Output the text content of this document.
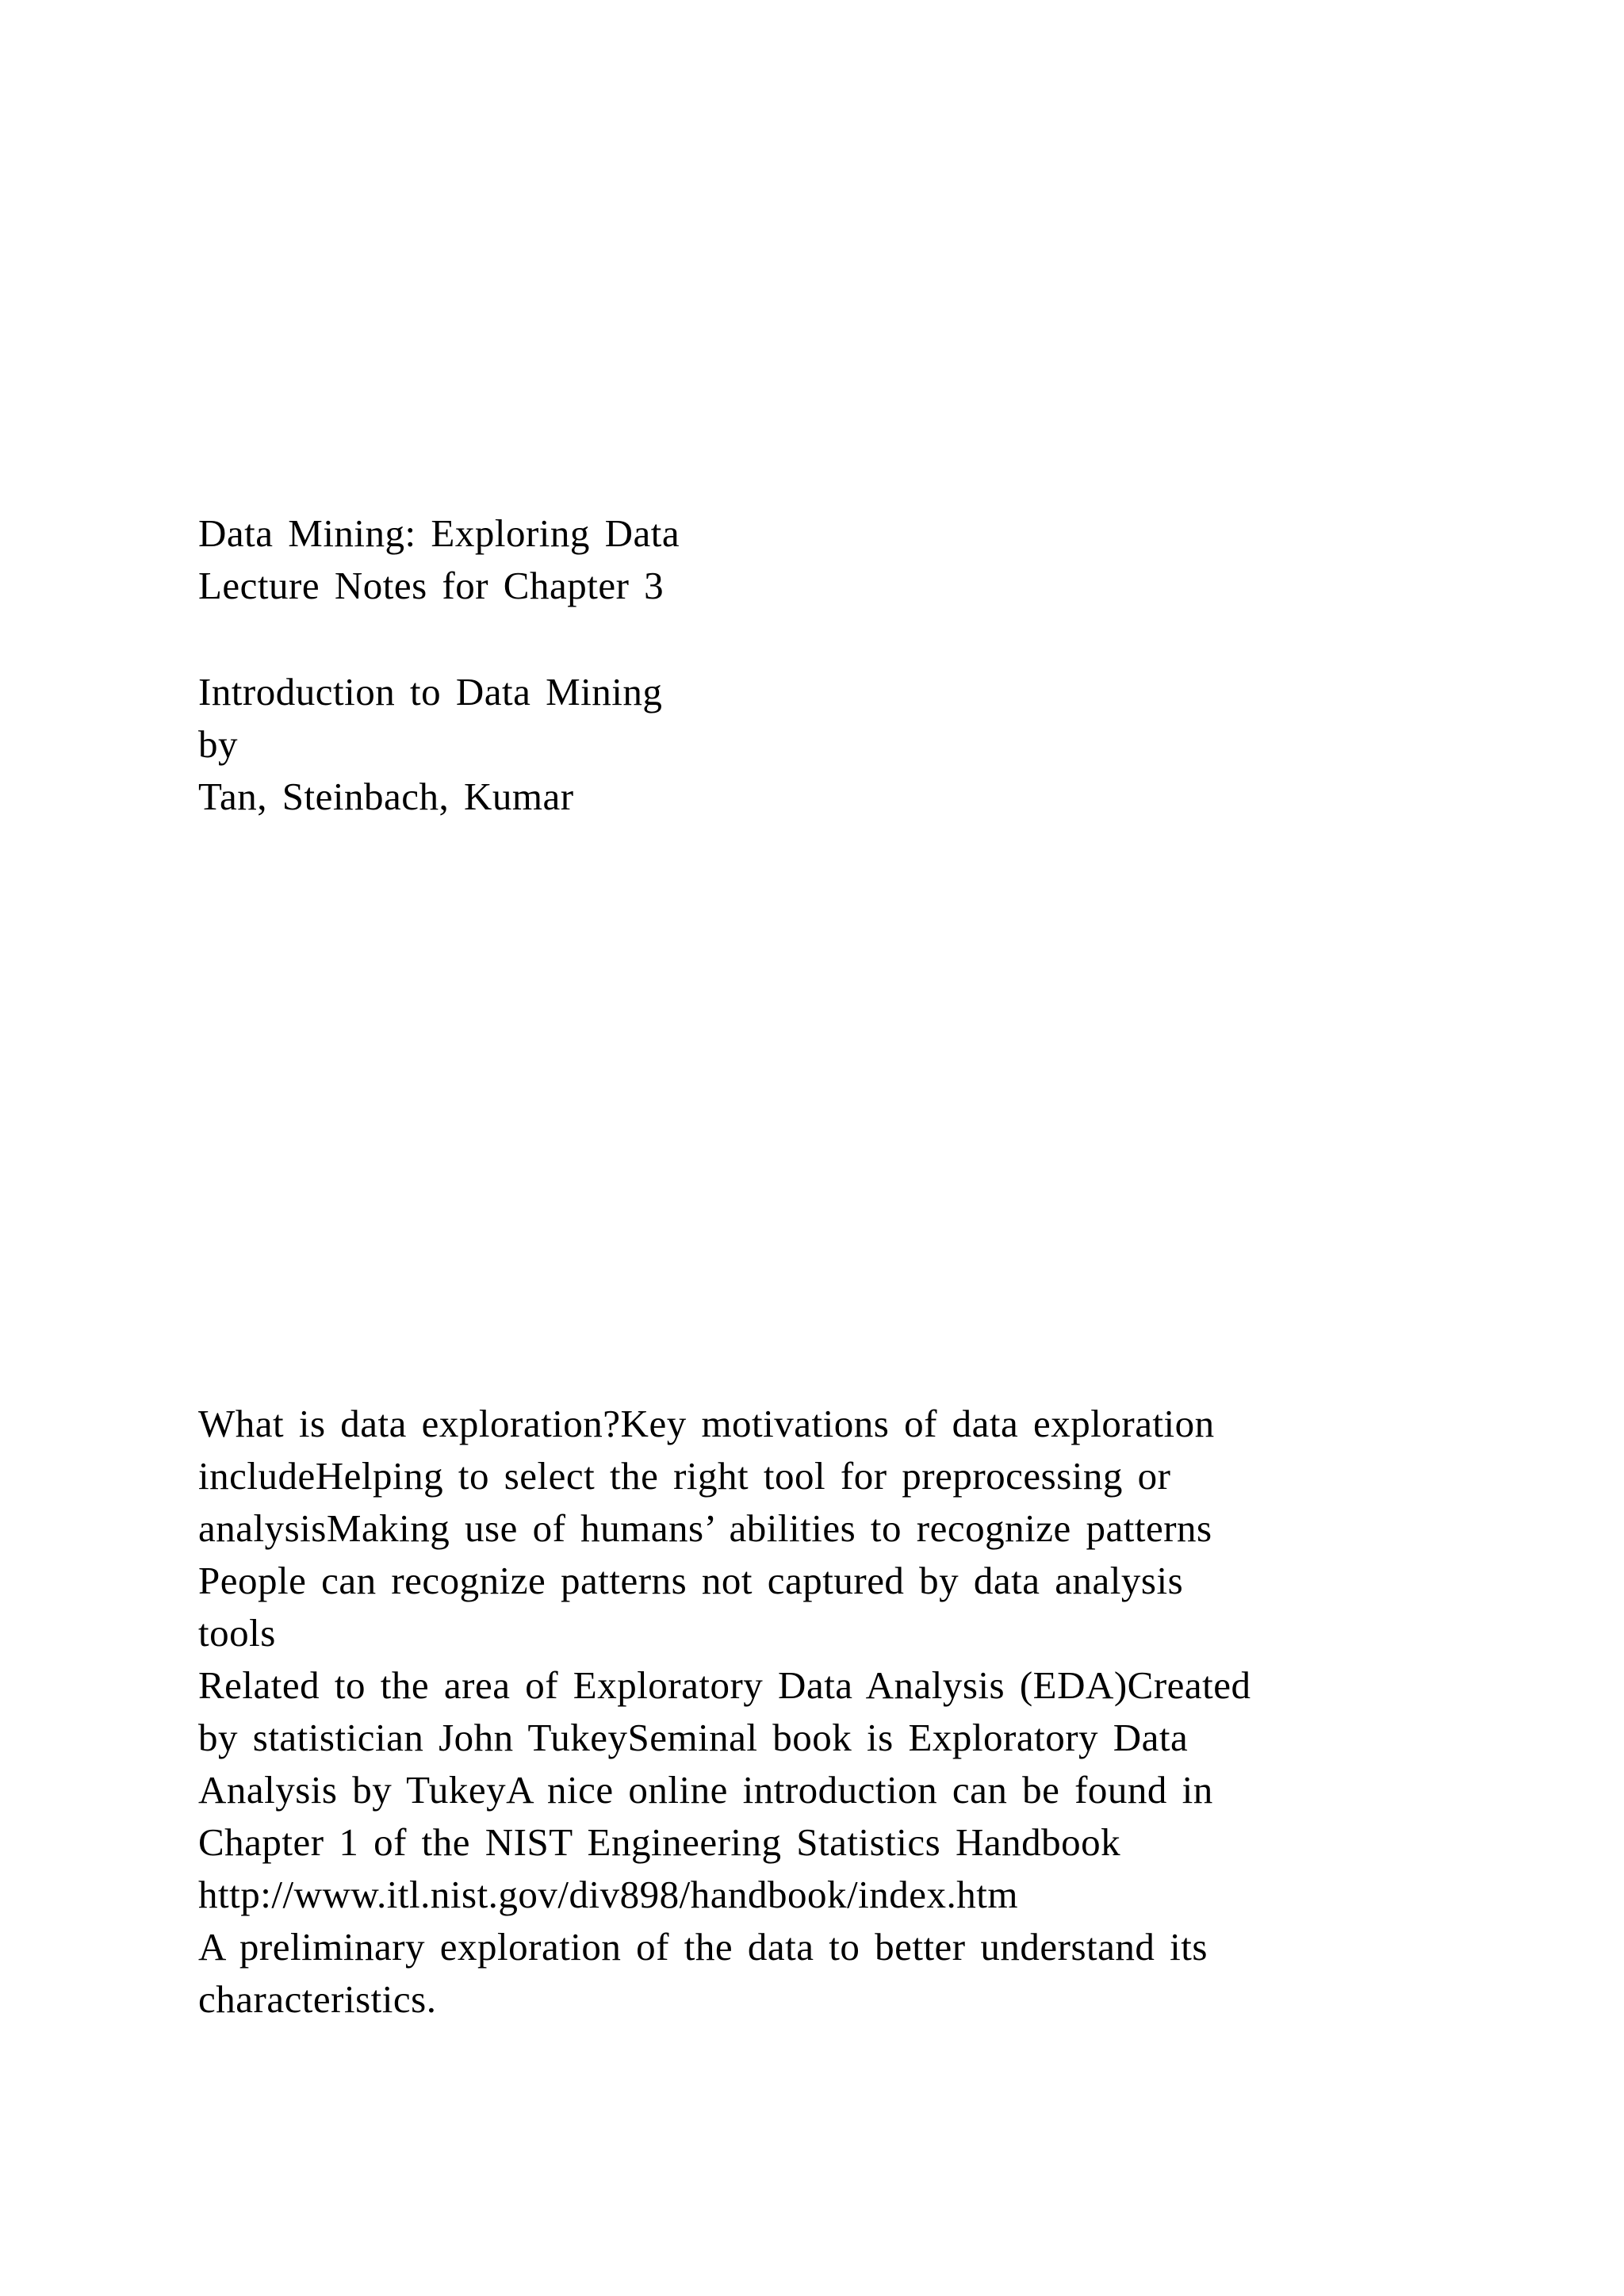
Data Mining: Exploring Data
Lecture Notes for Chapter 3
Introduction to Data Mining
by
Tan, Steinbach, Kumar
What is data exploration?Key motivations of data exploration
includeHelping to select the right tool for preprocessing or
analysisMaking use of humans’ abilities to recognize patterns
People can recognize patterns not captured by data analysis
tools
Related to the area of Exploratory Data Analysis (EDA)Created
by statistician John TukeySeminal book is Exploratory Data
Analysis by TukeyA nice online introduction can be found in
Chapter 1 of the NIST Engineering Statistics Handbook
http://www.itl.nist.gov/div898/handbook/index.htm
A preliminary exploration of the data to better understand its
characteristics.
